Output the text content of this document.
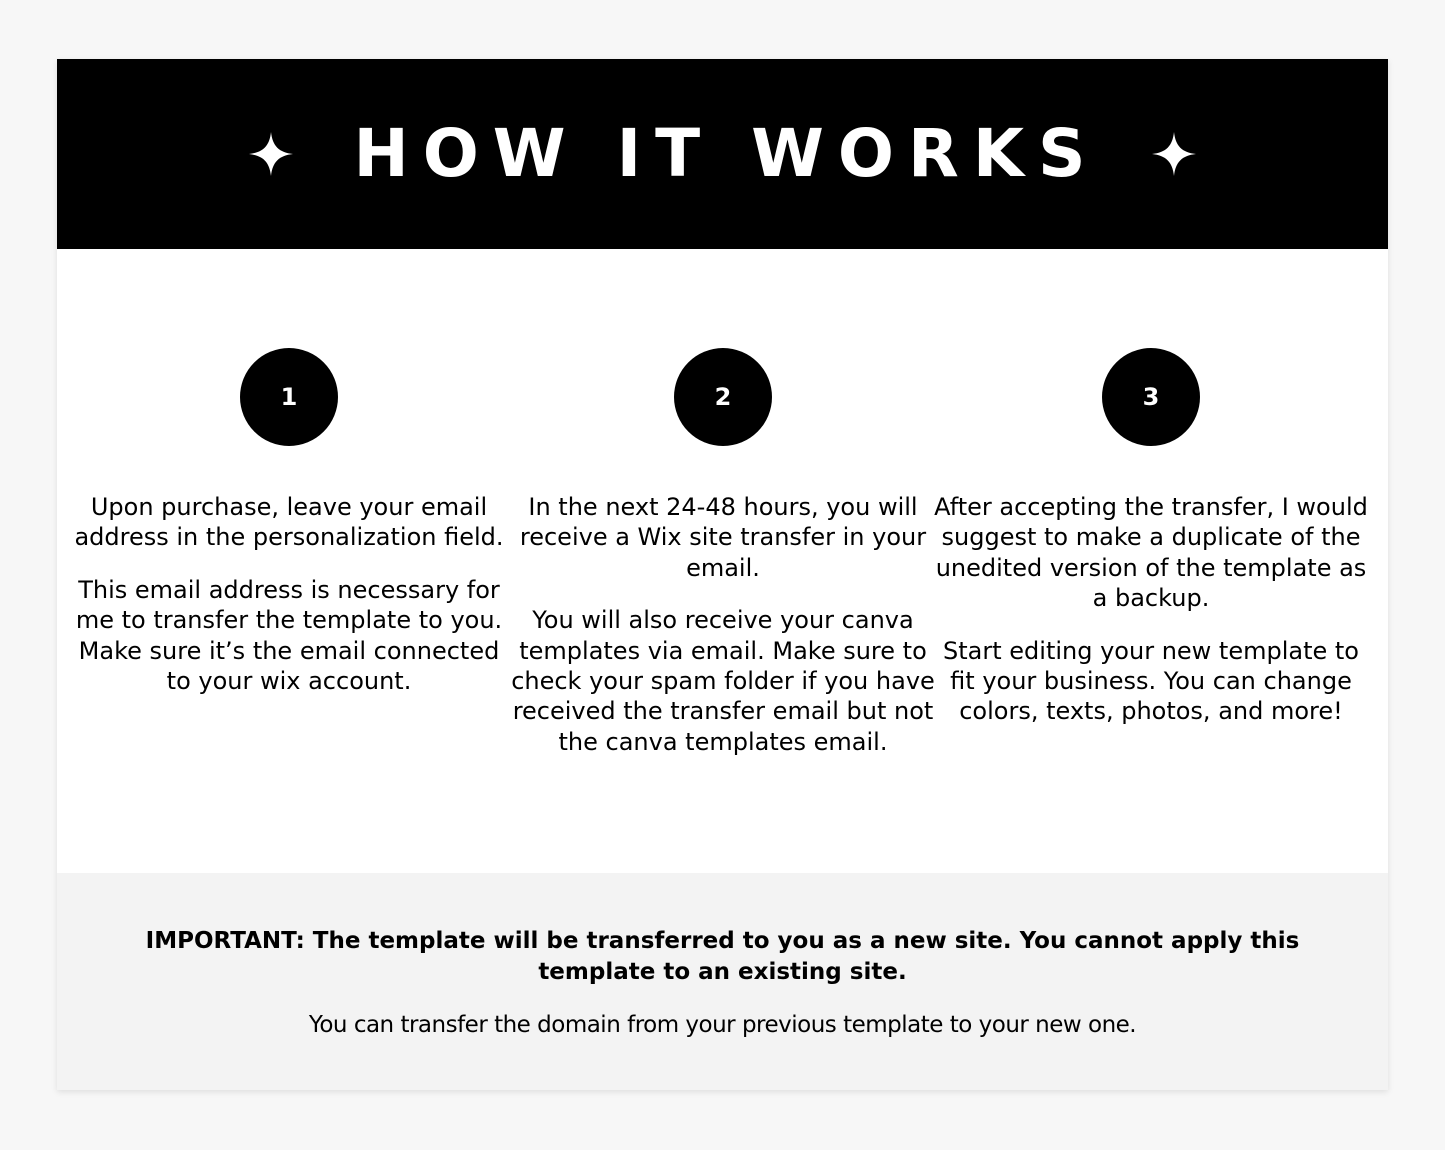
HOW IT WORKS
1

Upon purchase, leave your email address in the personalization field.

This email address is necessary for me to transfer the template to you. Make sure it’s the email connected to your wix account.

2

In the next 24-48 hours, you will receive a Wix site transfer in your email.

You will also receive your canva templates via email. Make sure to check your spam folder if you have received the transfer email but not the canva templates email.

3

After accepting the transfer, I would suggest to make a duplicate of the unedited version of the template as a backup.

Start editing your new template to fit your business. You can change colors, texts, photos, and more!

IMPORTANT: The template will be transferred to you as a new site. You cannot apply this template to an existing site.

You can transfer the domain from your previous template to your new one.
